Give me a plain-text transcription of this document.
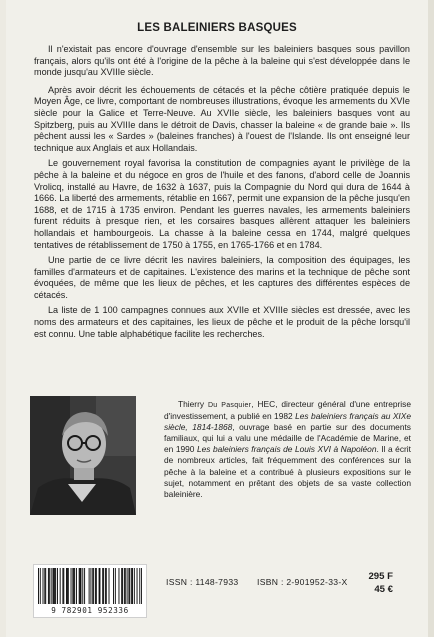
LES BALEINIERS BASQUES

Il n'existait pas encore d'ouvrage d'ensemble sur les baleiniers basques sous pavillon français, alors qu'ils ont été à l'origine de la pêche à la baleine qui s'est développée dans le monde jusqu'au XVIIIe siècle.

Après avoir décrit les échouements de cétacés et la pêche côtière pratiquée depuis le Moyen Âge, ce livre, comportant de nombreuses illustrations, évoque les armements du XVIe siècle pour la Galice et Terre-Neuve. Au XVIIe siècle, les baleiniers basques vont au Spitzberg, puis au XVIIIe dans le détroit de Davis, chasser la baleine « de grande baie ». Ils pêchent aussi les « Sardes » (baleines franches) à l'ouest de l'Islande. Ils ont enseigné leur technique aux Anglais et aux Hollandais.

Le gouvernement royal favorisa la constitution de compagnies ayant le privilège de la pêche à la baleine et du négoce en gros de l'huile et des fanons, d'abord celle de Joannis Vrolicq, installé au Havre, de 1632 à 1637, puis la Compagnie du Nord qui dura de 1644 à 1666. La liberté des armements, rétablie en 1667, permit une expansion de la pêche jusqu'en 1688, et de 1715 à 1735 environ. Pendant les guerres navales, les armements baleiniers furent réduits à presque rien, et les corsaires basques allèrent attaquer les baleiniers hollandais et hambourgeois. La chasse à la baleine cessa en 1744, malgré quelques tentatives de rétablissement de 1750 à 1755, en 1765-1766 et en 1784.

Une partie de ce livre décrit les navires baleiniers, la composition des équipages, les familles d'armateurs et de capitaines. L'existence des marins et la technique de pêche sont évoquées, de même que les lieux de pêches, et les captures des différentes espèces de cétacés.

La liste de 1 100 campagnes connues aux XVIIe et XVIIIe siècles est dressée, avec les noms des armateurs et des capitaines, les lieux de pêche et le produit de la pêche lorsqu'il est connu. Une table alphabétique facilite les recherches.

Thierry Du Pasquier, HEC, directeur général d'une entreprise d'investissement, a publié en 1982 Les baleiniers français au XIXe siècle, 1814-1868, ouvrage basé en partie sur des documents familiaux, qui lui a valu une médaille de l'Académie de Marine, et en 1990 Les baleiniers français de Louis XVI à Napoléon. Il a écrit de nombreux articles, fait fréquemment des conférences sur la pêche à la baleine et a contribué à plusieurs expositions sur le sujet, notamment en prêtant des objets de sa vaste collection baleinière.
9 782901 952336
ISSN : 1148-7933 ISBN : 2-901952-33-X	295 F
45 €
